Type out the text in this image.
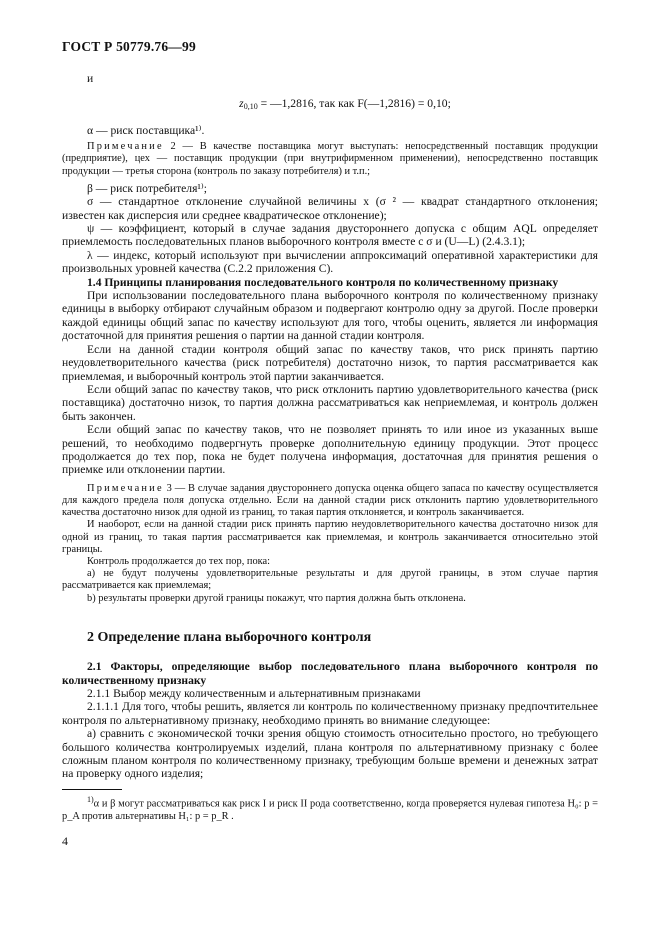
ГОСТ Р 50779.76—99

и

$z_{0,10}$ = —1,2816, так как F(—1,2816) = 0,10;

α — риск поставщика¹⁾.

Примечание 2 — В качестве поставщика могут выступать: непосредственный поставщик продукции (предприятие), цех — поставщик продукции (при внутрифирменном применении), непосредственно поставщик продукции — третья сторона (контроль по заказу потребителя) и т.п.;

β — риск потребителя¹⁾;

σ — стандартное отклонение случайной величины x (σ ² — квадрат стандартного отклонения; известен как дисперсия или среднее квадратическое отклонение);

ψ — коэффициент, который в случае задания двустороннего допуска с общим AQL определяет приемлемость последовательных планов выборочного контроля вместе с σ и (U—L) (2.4.3.1);

λ — индекс, который используют при вычислении аппроксимаций оперативной характеристики для произвольных уровней качества (С.2.2 приложения С).

1.4 Принципы планирования последовательного контроля по количественному признаку

При использовании последовательного плана выборочного контроля по количественному признаку единицы в выборку отбирают случайным образом и подвергают контролю одну за другой. После проверки каждой единицы общий запас по качеству используют для того, чтобы оценить, является ли информация достаточной для принятия решения о партии на данной стадии контроля.

Если на данной стадии контроля общий запас по качеству таков, что риск принять партию неудовлетворительного качества (риск потребителя) достаточно низок, то партия рассматривается как приемлемая, и выборочный контроль этой партии заканчивается.

Если общий запас по качеству таков, что риск отклонить партию удовлетворительного качества (риск поставщика) достаточно низок, то партия должна рассматриваться как неприемлемая, и контроль должен быть закончен.

Если общий запас по качеству таков, что не позволяет принять то или иное из указанных выше решений, то необходимо подвергнуть проверке дополнительную единицу продукции. Этот процесс продолжается до тех пор, пока не будет получена информация, достаточная для принятия решения о приемке или отклонении партии.

Примечание 3 — В случае задания двустороннего допуска оценка общего запаса по качеству осуществляется для каждого предела поля допуска отдельно. Если на данной стадии риск отклонить партию удовлетворительного качества достаточно низок для одной из границ, то такая партия отклоняется, и контроль заканчивается.

И наоборот, если на данной стадии риск принять партию неудовлетворительного качества достаточно низок для одной из границ, то такая партия рассматривается как приемлемая, и контроль заканчивается относительно этой границы.

Контроль продолжается до тех пор, пока:

a) не будут получены удовлетворительные результаты и для другой границы, в этом случае партия рассматривается как приемлемая;

b) результаты проверки другой границы покажут, что партия должна быть отклонена.

2 Определение плана выборочного контроля

2.1 Факторы, определяющие выбор последовательного плана выборочного контроля по количественному признаку

2.1.1 Выбор между количественным и альтернативным признаками

2.1.1.1 Для того, чтобы решить, является ли контроль по количественному признаку предпочтительнее контроля по альтернативному признаку, необходимо принять во внимание следующее:

a) сравнить с экономической точки зрения общую стоимость относительно простого, но требующего большого количества контролируемых изделий, плана контроля по альтернативному признаку с более сложным планом контроля по количественному признаку, требующим больше времени и денежных затрат на проверку одного изделия;

$^{1)}$α и β могут рассматриваться как риск I и риск II рода соответственно, когда проверяется нулевая гипотеза H₀: p = p_A против альтернативы H₁: p = p_R .

4
